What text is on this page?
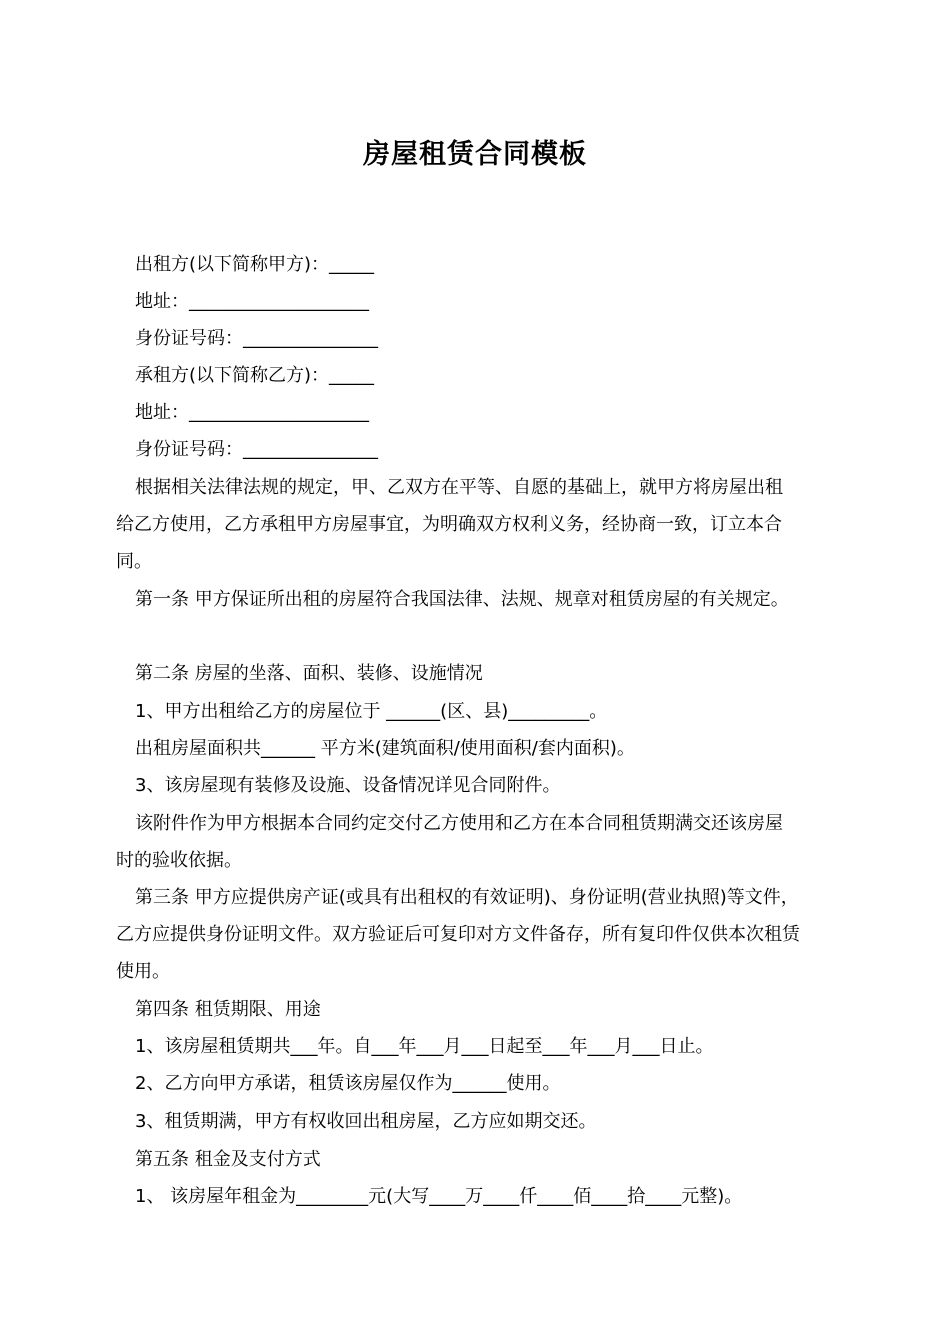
房屋租赁合同模板
出租方(以下简称甲方)：_____
地址：____________________
身份证号码：_______________
承租方(以下简称乙方)：_____
地址：____________________
身份证号码：_______________
根据相关法律法规的规定，甲、乙双方在平等、自愿的基础上，就甲方将房屋出租
给乙方使用，乙方承租甲方房屋事宜，为明确双方权利义务，经协商一致，订立本合
同。
第一条 甲方保证所出租的房屋符合我国法律、法规、规章对租赁房屋的有关规定。
第二条 房屋的坐落、面积、装修、设施情况
1、甲方出租给乙方的房屋位于 ______(区、县)_________。
出租房屋面积共______ 平方米(建筑面积/使用面积/套内面积)。
3、该房屋现有装修及设施、设备情况详见合同附件。
该附件作为甲方根据本合同约定交付乙方使用和乙方在本合同租赁期满交还该房屋
时的验收依据。
第三条 甲方应提供房产证(或具有出租权的有效证明)、身份证明(营业执照)等文件，
乙方应提供身份证明文件。双方验证后可复印对方文件备存，所有复印件仅供本次租赁
使用。
第四条 租赁期限、用途
1、该房屋租赁期共___年。自___年___月___日起至___年___月___日止。
2、乙方向甲方承诺，租赁该房屋仅作为______使用。
3、租赁期满，甲方有权收回出租房屋，乙方应如期交还。
第五条 租金及支付方式
1、 该房屋年租金为________元(大写____万____仟____佰____拾____元整)。
